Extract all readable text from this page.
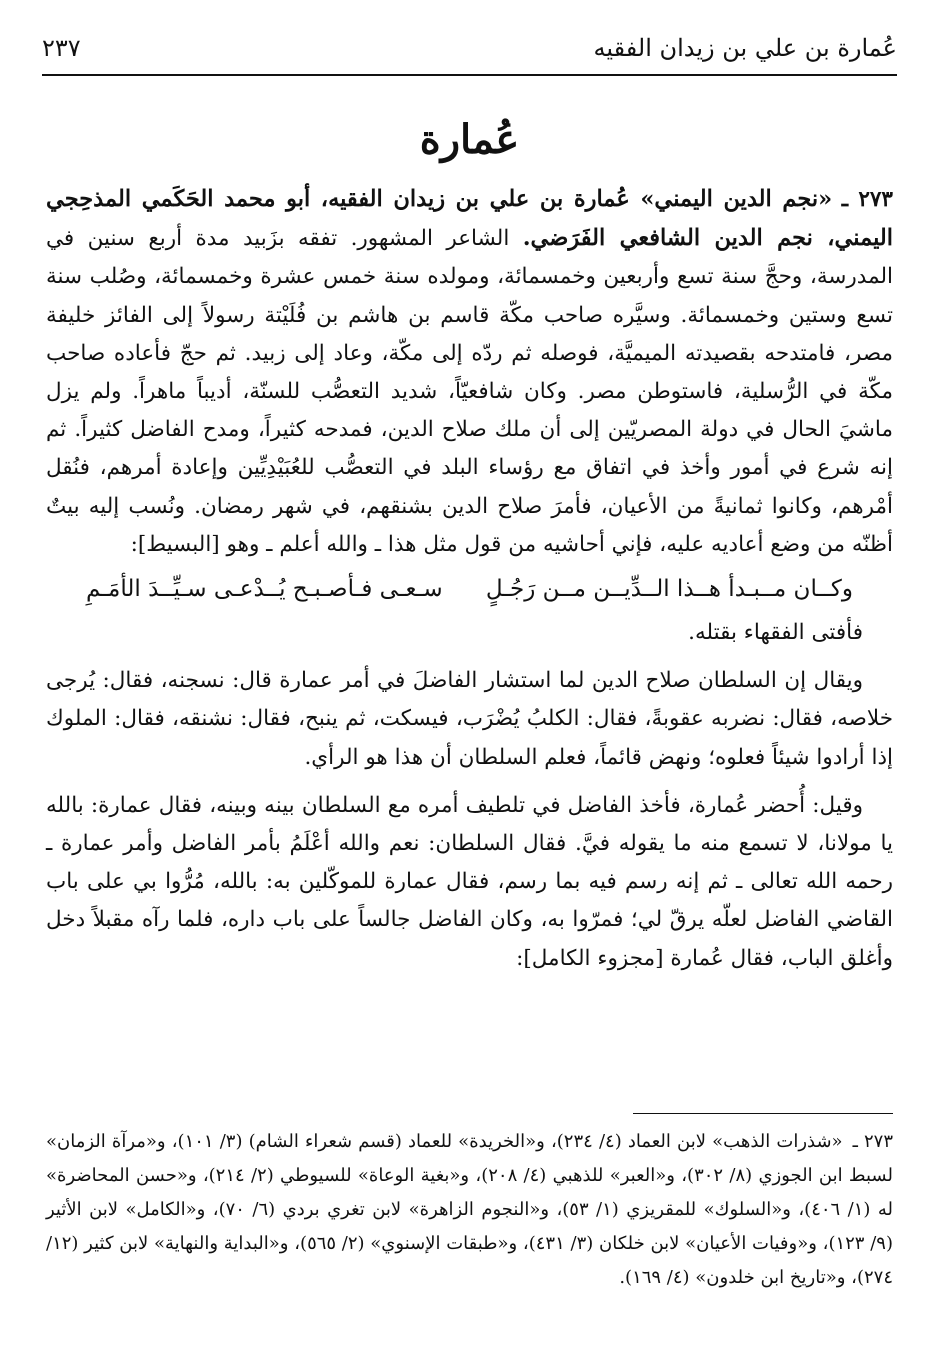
عُمارة بن علي بن زيدان الفقيه
٢٣٧
عُمارة

٢٧٣ ـ «نجم الدين اليمني» عُمارة بن علي بن زيدان الفقيه، أبو محمد الحَكَمي المذحِجي اليمني، نجم الدين الشافعي الفَرَضي. الشاعر المشهور. تفقه بزَبيد مدة أربع سنين في المدرسة، وحجَّ سنة تسع وأربعين وخمسمائة، ومولده سنة خمس عشرة وخمسمائة، وصُلب سنة تسع وستين وخمسمائة. وسيَّره صاحب مكّة قاسم بن هاشم بن فُلَيْتة رسولاً إلى الفائز خليفة مصر، فامتدحه بقصيدته الميميَّة، فوصله ثم ردّه إلى مكّة، وعاد إلى زبيد. ثم حجّ فأعاده صاحب مكّة في الرُّسلية، فاستوطن مصر. وكان شافعيّاً، شديد التعصُّب للسنّة، أديباً ماهراً. ولم يزل ماشيَ الحال في دولة المصريّين إلى أن ملك صلاح الدين، فمدحه كثيراً، ومدح الفاضل كثيراً. ثم إنه شرع في أمور وأخذ في اتفاق مع رؤساء البلد في التعصُّب للعُبَيْدِيِّين وإعادة أمرهم، فنُقل أمْرهم، وكانوا ثمانيةً من الأعيان، فأمرَ صلاح الدين بشنقهم، في شهر رمضان. ونُسب إليه بيتٌ أظنّه من وضع أعاديه عليه، فإني أحاشيه من قول مثل هذا ـ والله أعلم ـ وهو [البسيط]:

وكــان مــبـدأ هــذا الــدِّيــن مــن رَجُـلٍ
سـعـى فـأصـبـح يُــدْعـى سـيِّــدَ الأمَـمِ

فأفتى الفقهاء بقتله.

ويقال إن السلطان صلاح الدين لما استشار الفاضلَ في أمر عمارة قال: نسجنه، فقال: يُرجى خلاصه، فقال: نضربه عقوبةً، فقال: الكلبُ يُضْرَب، فيسكت، ثم ينبح، فقال: نشنقه، فقال: الملوك إذا أرادوا شيئاً فعلوه؛ ونهض قائماً، فعلم السلطان أن هذا هو الرأي.

وقيل: أُحضر عُمارة، فأخذ الفاضل في تلطيف أمره مع السلطان بينه وبينه، فقال عمارة: بالله يا مولانا، لا تسمع منه ما يقوله فيَّ. فقال السلطان: نعم والله أعْلَمُ بأمر الفاضل وأمر عمارة ـ رحمه الله تعالى ـ ثم إنه رسم فيه بما رسم، فقال عمارة للموكّلين به: بالله، مُرُّوا بي على باب القاضي الفاضل لعلّه يرقّ لي؛ فمرّوا به، وكان الفاضل جالساً على باب داره، فلما رآه مقبلاً دخل وأغلق الباب، فقال عُمارة [مجزوء الكامل]:

٢٧٣ ـ«شذرات الذهب» لابن العماد (٤/ ٢٣٤)، و«الخريدة» للعماد (قسم شعراء الشام) (٣/ ١٠١)، و«مرآة الزمان» لسبط ابن الجوزي (٨/ ٣٠٢)، و«العبر» للذهبي (٤/ ٢٠٨)، و«بغية الوعاة» للسيوطي (٢/ ٢١٤)، و«حسن المحاضرة» له (١/ ٤٠٦)، و«السلوك» للمقريزي (١/ ٥٣)، و«النجوم الزاهرة» لابن تغري بردي (٦/ ٧٠)، و«الكامل» لابن الأثير (٩/ ١٢٣)، و«وفيات الأعيان» لابن خلكان (٣/ ٤٣١)، و«طبقات الإسنوي» (٢/ ٥٦٥)، و«البداية والنهاية» لابن كثير (١٢/ ٢٧٤)، و«تاريخ ابن خلدون» (٤/ ١٦٩).
